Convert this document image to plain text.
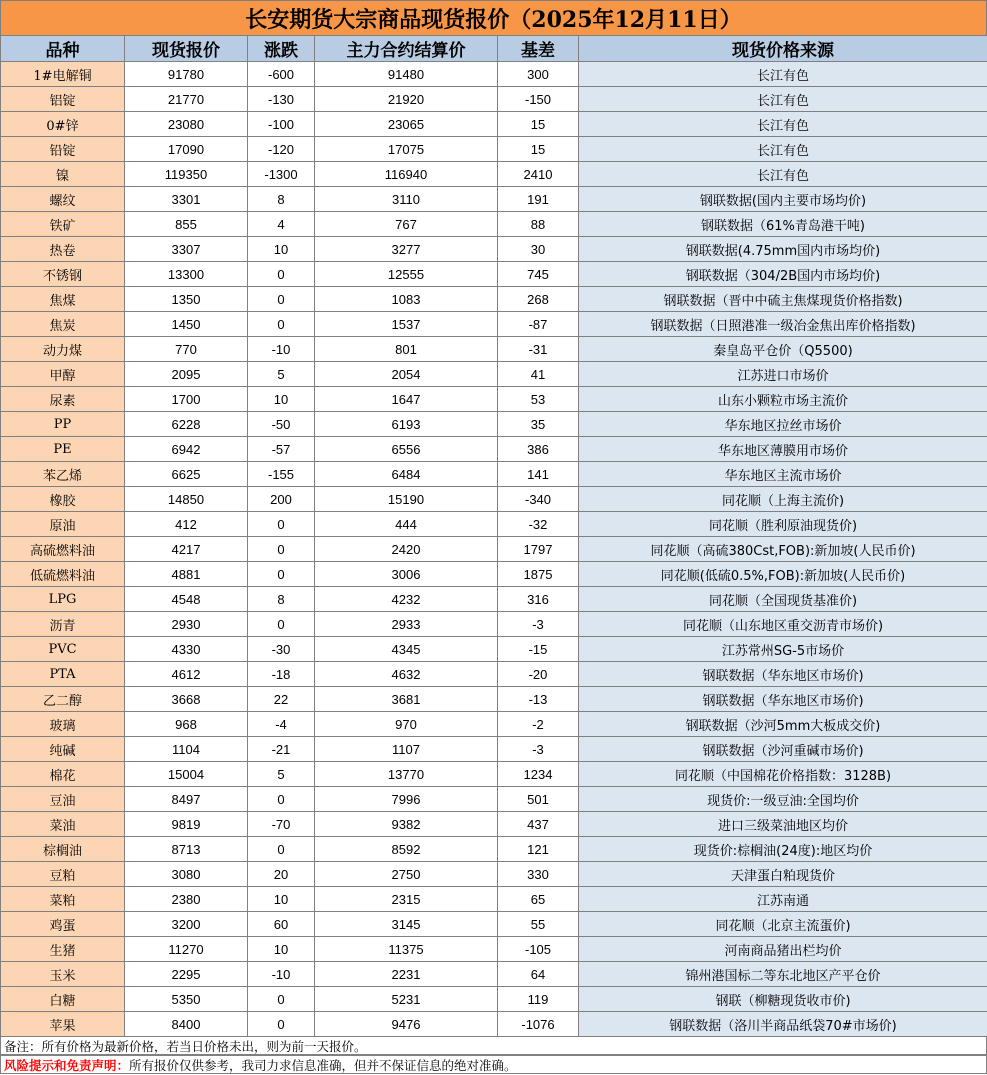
长安期货大宗商品现货报价（2025年12月11日）
品种	现货报价	涨跌	主力合约结算价	基差	现货价格来源
1#电解铜	91780	-600	91480	300	长江有色
铝锭	21770	-130	21920	-150	长江有色
0#锌	23080	-100	23065	15	长江有色
铅锭	17090	-120	17075	15	长江有色
镍	119350	-1300	116940	2410	长江有色
螺纹	3301	8	3110	191	钢联数据(国内主要市场均价)
铁矿	855	4	767	88	钢联数据（61%青岛港干吨)
热卷	3307	10	3277	30	钢联数据(4.75mm国内市场均价)
不锈钢	13300	0	12555	745	钢联数据（304/2B国内市场均价)
焦煤	1350	0	1083	268	钢联数据（晋中中硫主焦煤现货价格指数)
焦炭	1450	0	1537	-87	钢联数据（日照港准一级冶金焦出库价格指数)
动力煤	770	-10	801	-31	秦皇岛平仓价（Q5500)
甲醇	2095	5	2054	41	江苏进口市场价
尿素	1700	10	1647	53	山东小颗粒市场主流价
PP	6228	-50	6193	35	华东地区拉丝市场价
PE	6942	-57	6556	386	华东地区薄膜用市场价
苯乙烯	6625	-155	6484	141	华东地区主流市场价
橡胶	14850	200	15190	-340	同花顺（上海主流价)
原油	412	0	444	-32	同花顺（胜利原油现货价)
高硫燃料油	4217	0	2420	1797	同花顺（高硫380Cst,FOB):新加坡(人民币价)
低硫燃料油	4881	0	3006	1875	同花顺(低硫0.5%,FOB):新加坡(人民币价)
LPG	4548	8	4232	316	同花顺（全国现货基准价)
沥青	2930	0	2933	-3	同花顺（山东地区重交沥青市场价)
PVC	4330	-30	4345	-15	江苏常州SG-5市场价
PTA	4612	-18	4632	-20	钢联数据（华东地区市场价)
乙二醇	3668	22	3681	-13	钢联数据（华东地区市场价)
玻璃	968	-4	970	-2	钢联数据（沙河5mm大板成交价)
纯碱	1104	-21	1107	-3	钢联数据（沙河重碱市场价)
棉花	15004	5	13770	1234	同花顺（中国棉花价格指数：3128B)
豆油	8497	0	7996	501	现货价:一级豆油:全国均价
菜油	9819	-70	9382	437	进口三级菜油地区均价
棕榈油	8713	0	8592	121	现货价:棕榈油(24度):地区均价
豆粕	3080	20	2750	330	天津蛋白粕现货价
菜粕	2380	10	2315	65	江苏南通
鸡蛋	3200	60	3145	55	同花顺（北京主流蛋价)
生猪	11270	10	11375	-105	河南商品猪出栏均价
玉米	2295	-10	2231	64	锦州港国标二等东北地区产平仓价
白糖	5350	0	5231	119	钢联（柳糖现货收市价)
苹果	8400	0	9476	-1076	钢联数据（洛川半商品纸袋70#市场价)
备注：所有价格为最新价格，若当日价格未出，则为前一天报价。
风险提示和免责声明：所有报价仅供参考，我司力求信息准确，但并不保证信息的绝对准确。
